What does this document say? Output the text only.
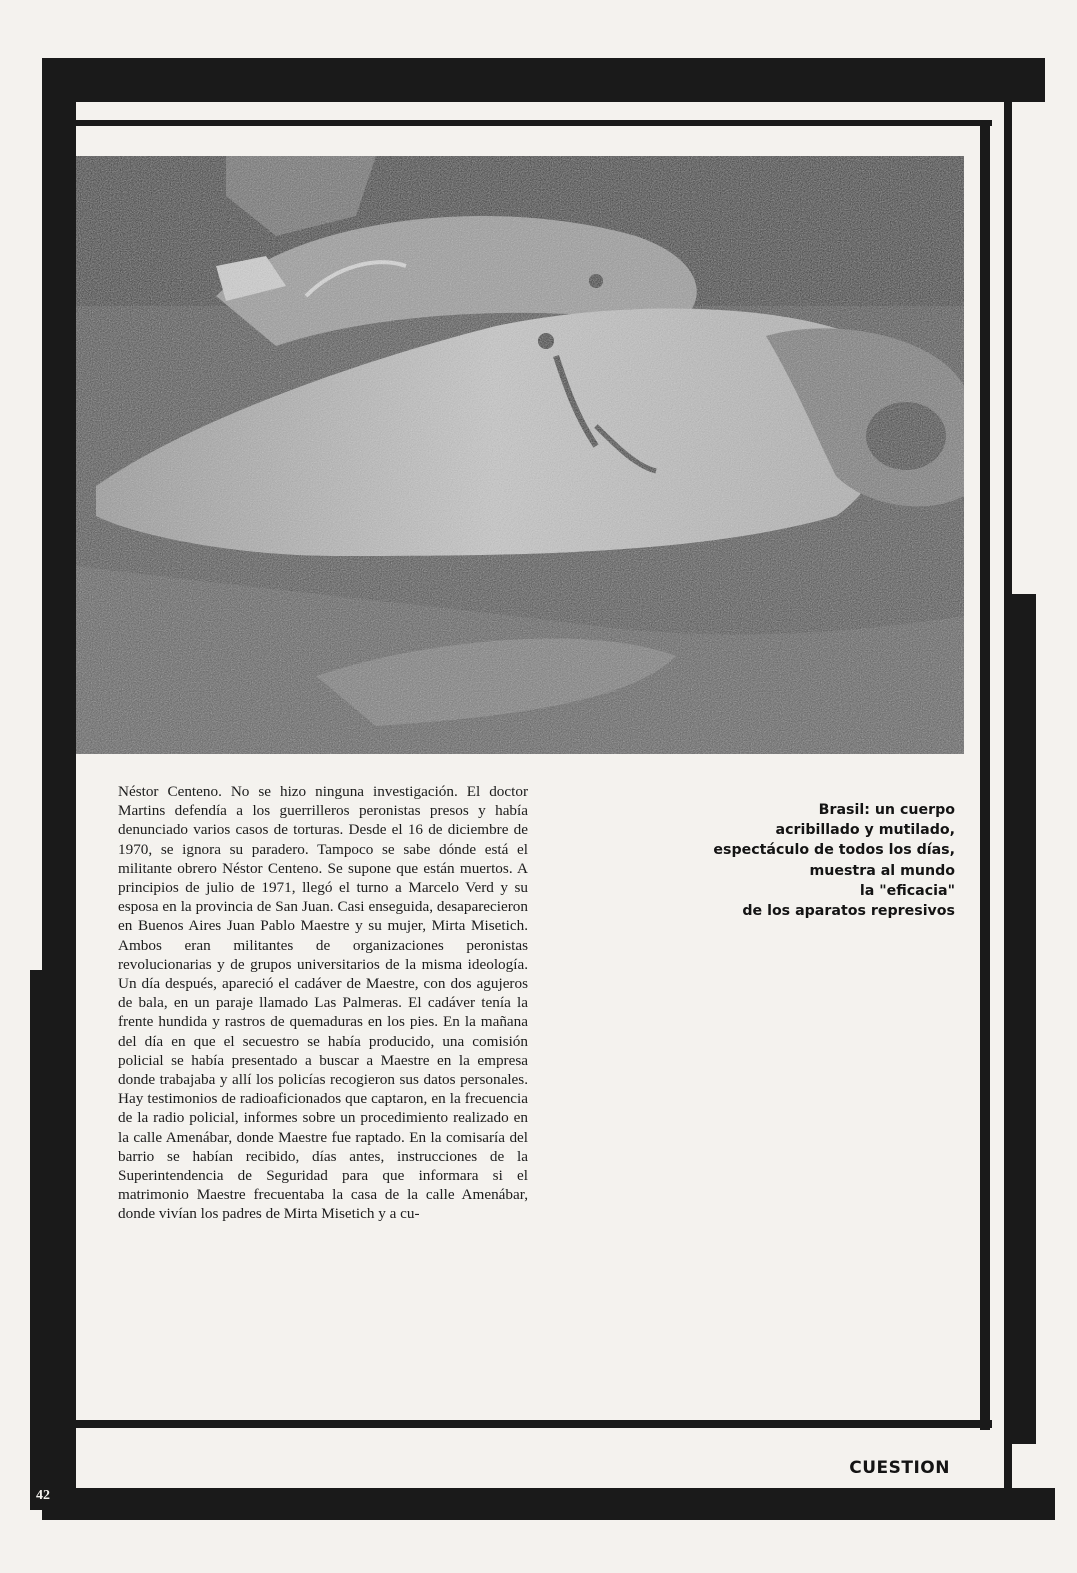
Néstor Centeno. No se hizo ninguna investigación. El doctor Martins defendía a los guerrilleros peronistas presos y había denunciado varios casos de torturas. Desde el 16 de diciembre de 1970, se ignora su paradero. Tampoco se sabe dónde está el militante obrero Néstor Centeno. Se supone que están muertos. A principios de julio de 1971, llegó el turno a Marcelo Verd y su esposa en la provincia de San Juan. Casi enseguida, desaparecieron en Buenos Aires Juan Pablo Maestre y su mujer, Mirta Misetich. Ambos eran militantes de organizaciones peronistas revolucionarias y de grupos universitarios de la misma ideología. Un día después, apareció el cadáver de Maestre, con dos agujeros de bala, en un paraje llamado Las Palmeras. El cadáver tenía la frente hundida y rastros de quemaduras en los pies. En la mañana del día en que el secuestro se había producido, una comisión policial se había presentado a buscar a Maestre en la empresa donde trabajaba y allí los policías recogieron sus datos personales. Hay testimonios de radioaficionados que captaron, en la frecuencia de la radio policial, informes sobre un procedimiento realizado en la calle Amenábar, donde Maestre fue raptado. En la comisaría del barrio se habían recibido, días antes, instrucciones de la Superintendencia de Seguridad para que informara si el matrimonio Maestre frecuentaba la casa de la calle Amenábar, donde vivían los padres de Mirta Misetich y a cu-

Brasil: un cuerpo
acribillado y mutilado,
espectáculo de todos los días,
muestra al mundo
la "eficacia"
de los aparatos represivos

CUESTION

42
